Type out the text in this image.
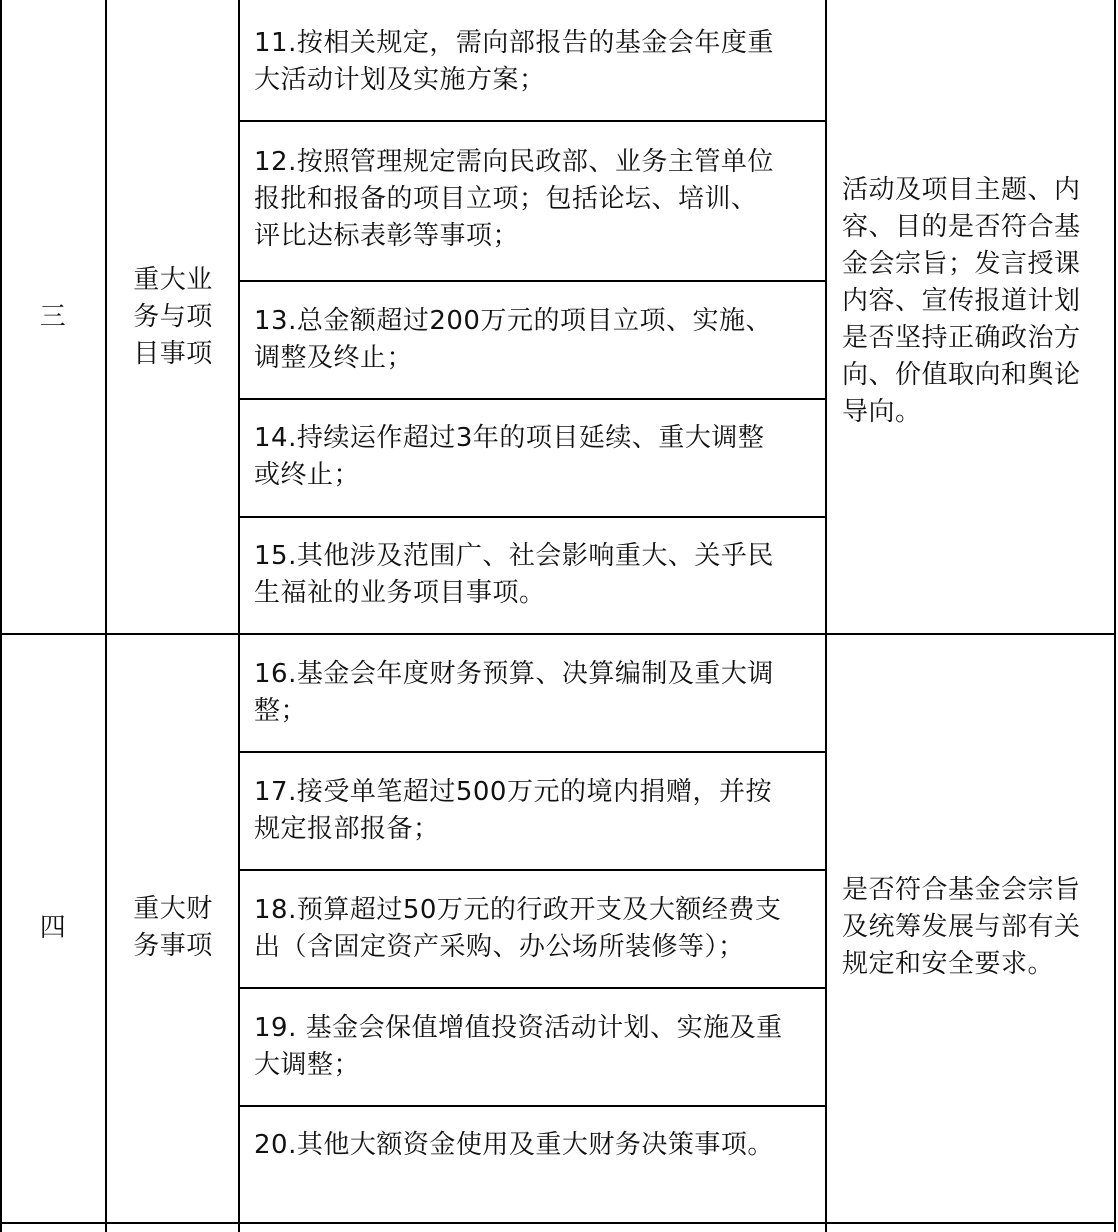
三
重大业
务与项
目事项
11.按相关规定，需向部报告的基金会年度重
大活动计划及实施方案；
12.按照管理规定需向民政部、业务主管单位
报批和报备的项目立项；包括论坛、培训、
评比达标表彰等事项；
13.总金额超过200万元的项目立项、实施、
调整及终止；
14.持续运作超过3年的项目延续、重大调整
或终止；
15.其他涉及范围广、社会影响重大、关乎民
生福祉的业务项目事项。
活动及项目主题、内
容、目的是否符合基
金会宗旨；发言授课
内容、宣传报道计划
是否坚持正确政治方
向、价值取向和舆论
导向。
四
重大财
务事项
16.基金会年度财务预算、决算编制及重大调
整；
17.接受单笔超过500万元的境内捐赠，并按
规定报部报备；
18.预算超过50万元的行政开支及大额经费支
出（含固定资产采购、办公场所装修等）；
19. 基金会保值增值投资活动计划、实施及重
大调整；
20.其他大额资金使用及重大财务决策事项。
是否符合基金会宗旨
及统筹发展与部有关
规定和安全要求。
